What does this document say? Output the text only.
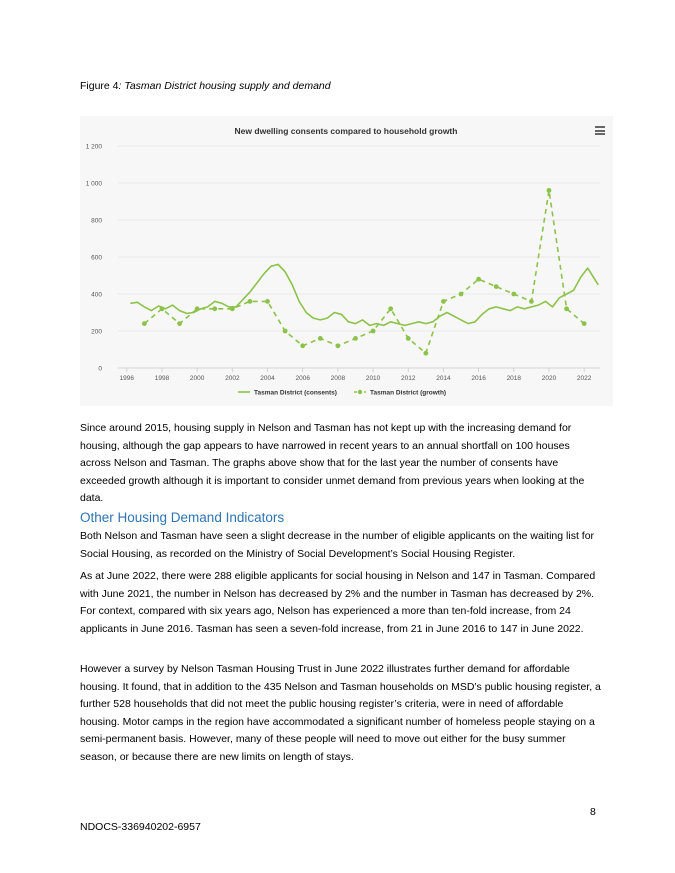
Figure 4: Tasman District housing supply and demand
New dwelling consents compared to household growth
0
200
400
600
800
1 000
1 200
1996	1998	2000	2002	2004	2006	2008	2010	2012	2014	2016	2018	2020	2022
Tasman District (consents)	Tasman District (growth)
Since around 2015, housing supply in Nelson and Tasman has not kept up with the increasing demand for housing, although the gap appears to have narrowed in recent years to an annual shortfall on 100 houses across Nelson and Tasman. The graphs above show that for the last year the number of consents have exceeded growth although it is important to consider unmet demand from previous years when looking at the data.
Other Housing Demand Indicators
Both Nelson and Tasman have seen a slight decrease in the number of eligible applicants on the waiting list for Social Housing, as recorded on the Ministry of Social Development’s Social Housing Register.
As at June 2022, there were 288 eligible applicants for social housing in Nelson and 147 in Tasman. Compared with June 2021, the number in Nelson has decreased by 2% and the number in Tasman has decreased by 2%. For context, compared with six years ago, Nelson has experienced a more than ten-fold increase, from 24 applicants in June 2016. Tasman has seen a seven-fold increase, from 21 in June 2016 to 147 in June 2022.
However a survey by Nelson Tasman Housing Trust in June 2022 illustrates further demand for affordable housing. It found, that in addition to the 435 Nelson and Tasman households on MSD’s public housing register, a further 528 households that did not meet the public housing register’s criteria, were in need of affordable housing. Motor camps in the region have accommodated a significant number of homeless people staying on a semi-permanent basis. However, many of these people will need to move out either for the busy summer season, or because there are new limits on length of stays.
8
NDOCS-336940202-6957
